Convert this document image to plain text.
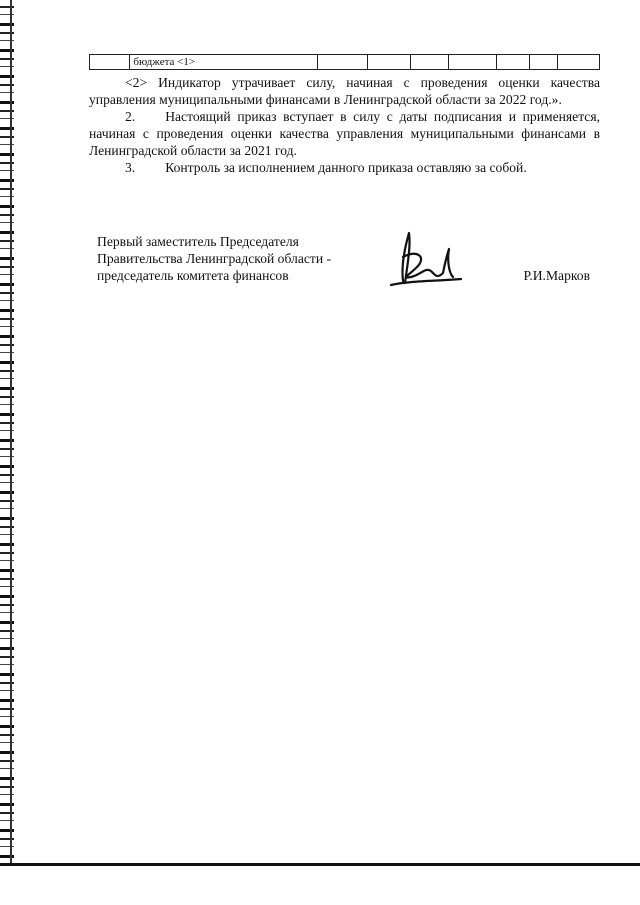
	бюджета <1>							

<2> Индикатор утрачивает силу, начиная с проведения оценки качества управления муниципальными финансами в Ленинградской области за 2022 год.».

2. Настоящий приказ вступает в силу с даты подписания и применяется, начиная с проведения оценки качества управления муниципальными финансами в Ленинградской области за 2021 год.

3. Контроль за исполнением данного приказа оставляю за собой.

Первый заместитель Председателя
Правительства Ленинградской области -
председатель комитета финансов	Р.И.Марков
